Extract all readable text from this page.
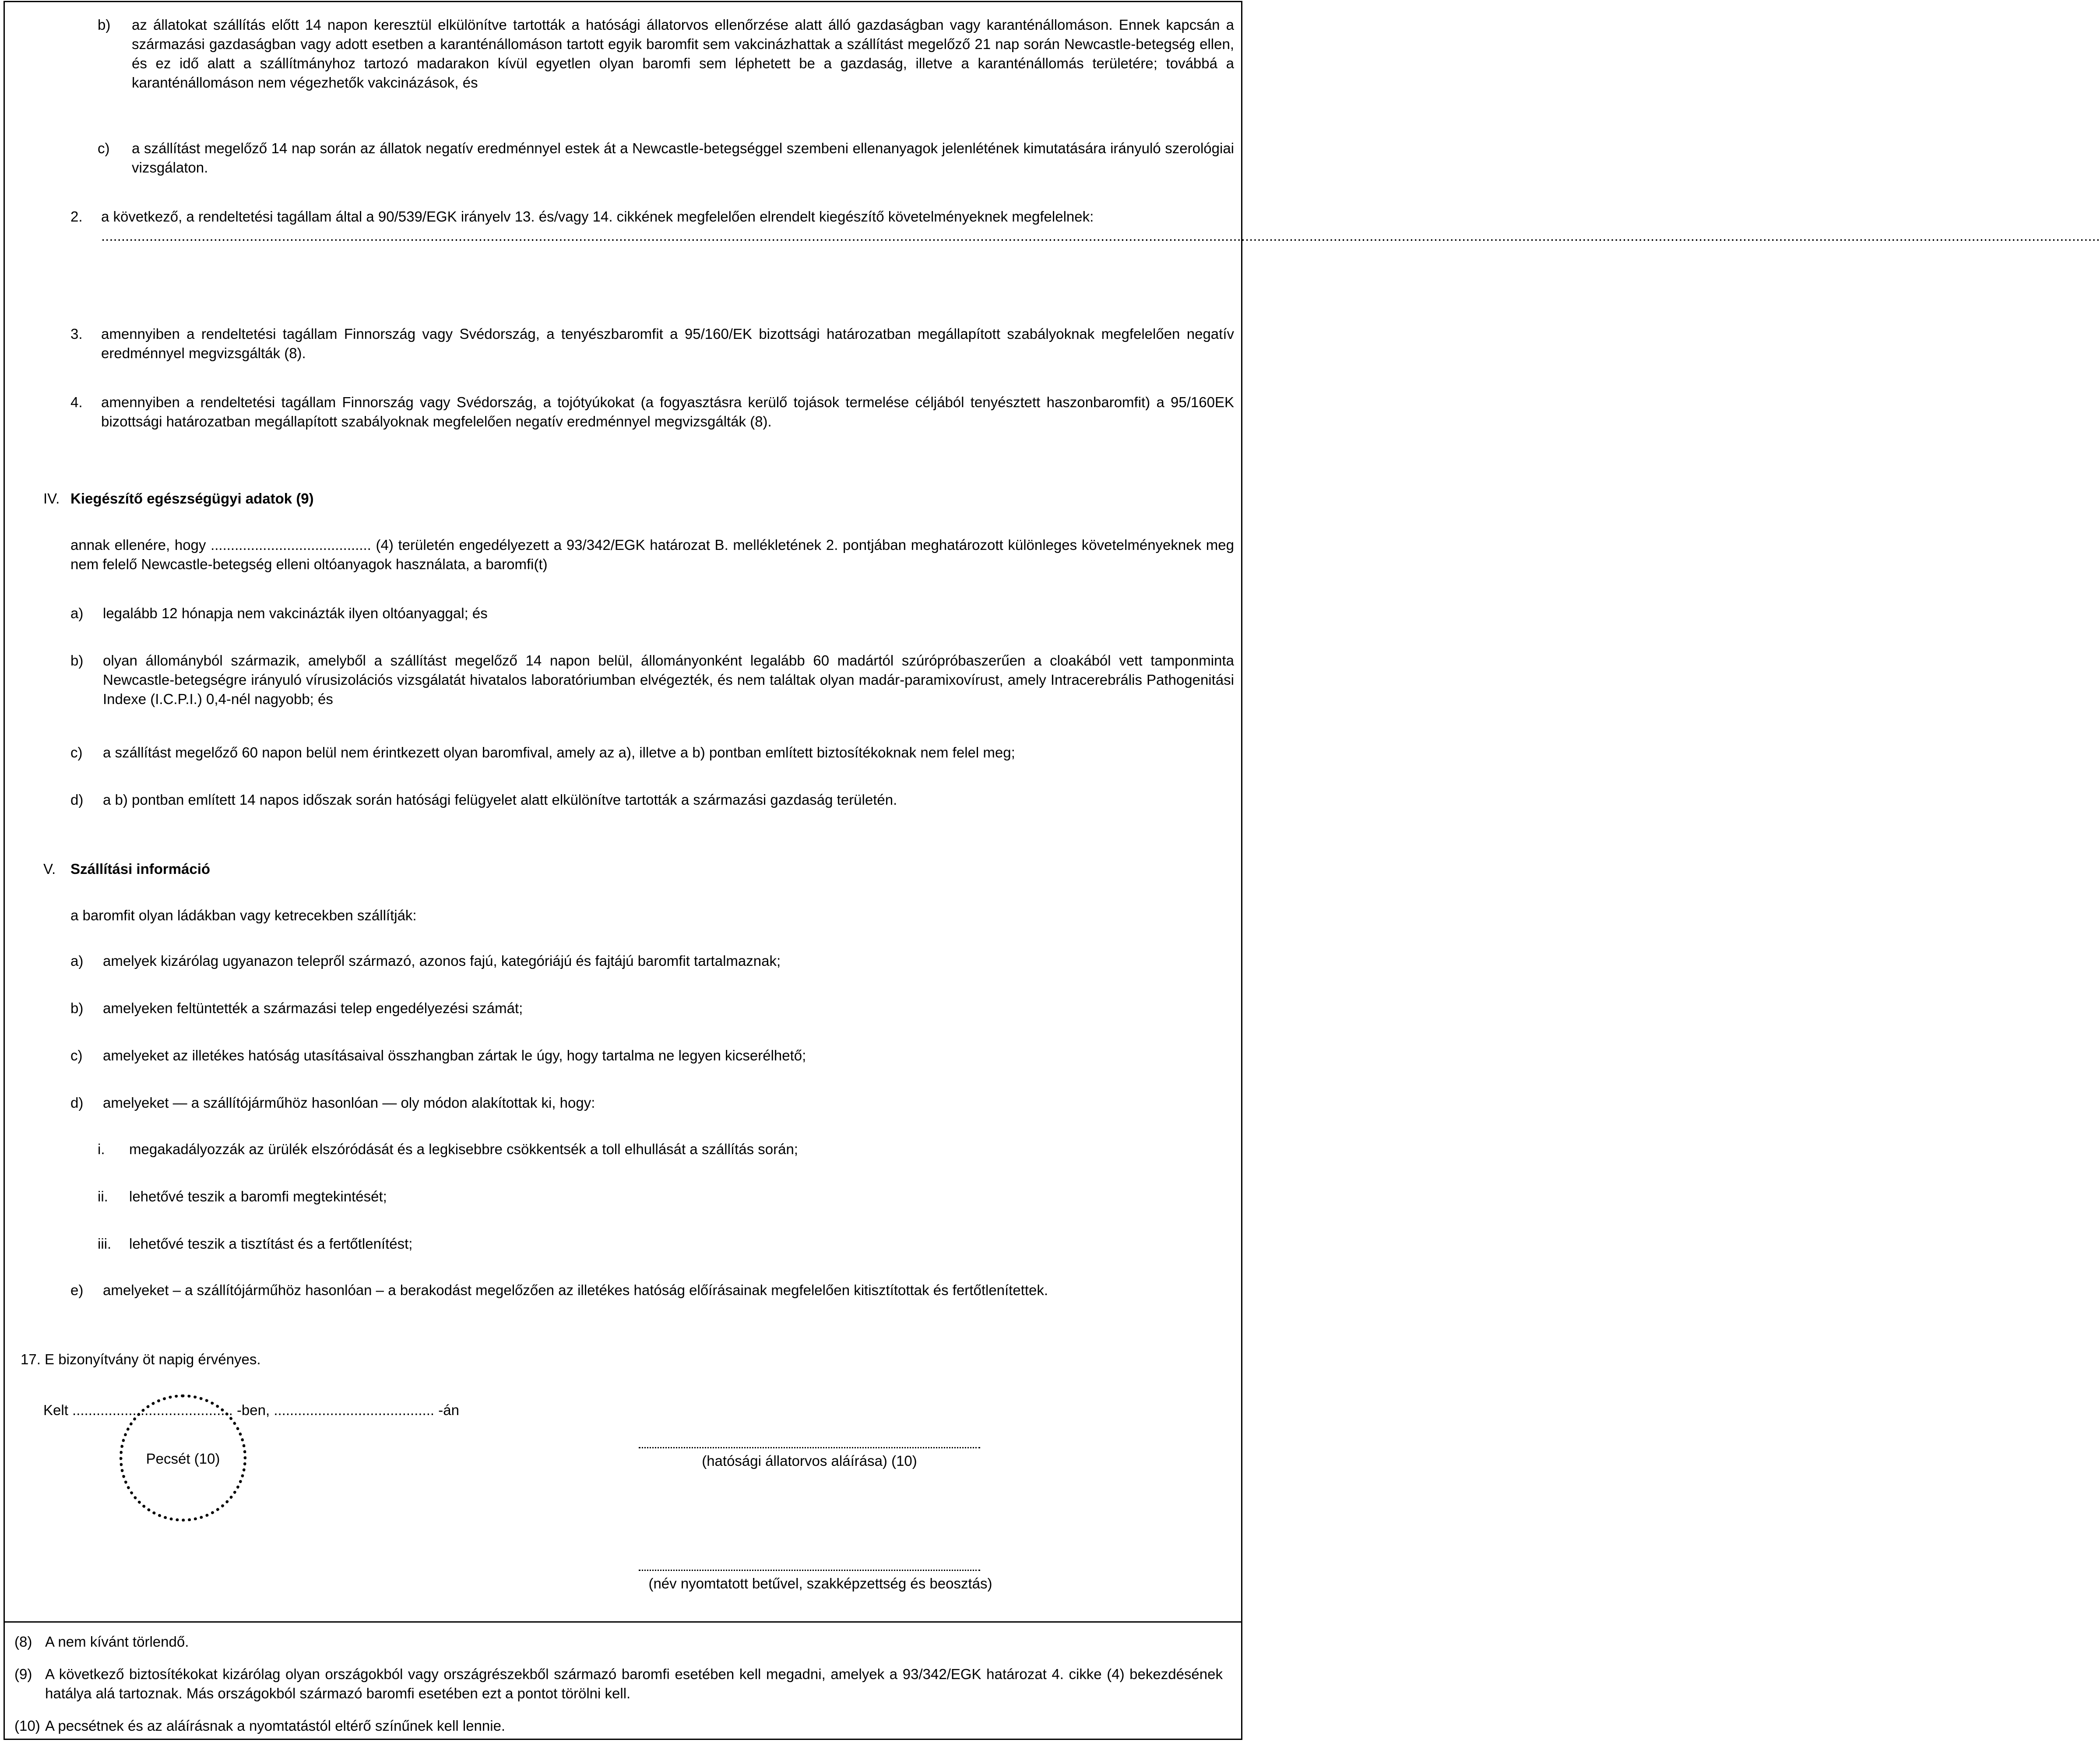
b) az állatokat szállítás előtt 14 napon keresztül elkülönítve tartották a hatósági állatorvos ellenőrzése alatt álló gazdaságban vagy karanténállomáson. Ennek kapcsán a származási gazdaságban vagy adott esetben a karanténállomáson tartott egyik baromfit sem vakcinázhattak a szállítást megelőző 21 nap során Newcastle-betegség ellen, és ez idő alatt a szállítmányhoz tartozó madarakon kívül egyetlen olyan baromfi sem léphetett be a gazdaság, illetve a karanténállomás területére; továbbá a karanténállomáson nem végezhetők vakcinázások, és

c) a szállítást megelőző 14 nap során az állatok negatív eredménnyel estek át a Newcastle-betegséggel szembeni ellenanyagok jelenlétének kimutatására irányuló szerológiai vizsgálaton.

2. a következő, a rendeltetési tagállam által a 90/539/EGK irányelv 13. és/vagy 14. cikkének megfelelően elrendelt kiegészítő követelményeknek megfelelnek: ..................................................................................................................................................................................................................................................................................................................................................................................................................................................................................................................

3. amennyiben a rendeltetési tagállam Finnország vagy Svédország, a tenyészbaromfit a 95/160/EK bizottsági határozatban megállapított szabályoknak megfelelően negatív eredménnyel megvizsgálták (8).

4. amennyiben a rendeltetési tagállam Finnország vagy Svédország, a tojótyúkokat (a fogyasztásra kerülő tojások termelése céljából tenyésztett haszonbaromfit) a 95/160EK bizottsági határozatban megállapított szabályoknak megfelelően negatív eredménnyel megvizsgálták (8).

IV. Kiegészítő egészségügyi adatok (9)

annak ellenére, hogy ........................................ (4) területén engedélyezett a 93/342/EGK határozat B. mellékletének 2. pontjában meghatározott különleges követelményeknek meg nem felelő Newcastle-betegség elleni oltóanyagok használata, a baromfi(t)

a) legalább 12 hónapja nem vakcinázták ilyen oltóanyaggal; és

b) olyan állományból származik, amelyből a szállítást megelőző 14 napon belül, állományonként legalább 60 madártól szúrópróbaszerűen a cloakából vett tamponminta Newcastle-betegségre irányuló vírusizolációs vizsgálatát hivatalos laboratóriumban elvégezték, és nem találtak olyan madár-paramixovírust, amely Intracerebrális Pathogenitási Indexe (I.C.P.I.) 0,4-nél nagyobb; és

c) a szállítást megelőző 60 napon belül nem érintkezett olyan baromfival, amely az a), illetve a b) pontban említett biztosítékoknak nem felel meg;

d) a b) pontban említett 14 napos időszak során hatósági felügyelet alatt elkülönítve tartották a származási gazdaság területén.

V. Szállítási információ

a baromfit olyan ládákban vagy ketrecekben szállítják:

a) amelyek kizárólag ugyanazon telepről származó, azonos fajú, kategóriájú és fajtájú baromfit tartalmaznak;

b) amelyeken feltüntették a származási telep engedélyezési számát;

c) amelyeket az illetékes hatóság utasításaival összhangban zártak le úgy, hogy tartalma ne legyen kicserélhető;

d) amelyeket — a szállítójárműhöz hasonlóan — oly módon alakítottak ki, hogy:

i. megakadályozzák az ürülék elszóródását és a legkisebbre csökkentsék a toll elhullását a szállítás során;

ii. lehetővé teszik a baromfi megtekintését;

iii. lehetővé teszik a tisztítást és a fertőtlenítést;

e) amelyeket – a szállítójárműhöz hasonlóan – a berakodást megelőzően az illetékes hatóság előírásainak megfelelően kitisztítottak és fertőtlenítettek.

17. E bizonyítvány öt napig érvényes.

Kelt ........................................ -ben, ........................................ -án

Pecsét (10)	(hatósági állatorvos aláírása) (10)
(név nyomtatott betűvel, szakképzettség és beosztás)
(8) A nem kívánt törlendő.

(9) A következő biztosítékokat kizárólag olyan országokból vagy országrészekből származó baromfi esetében kell megadni, amelyek a 93/342/EGK határozat 4. cikke (4) bekezdésének hatálya alá tartoznak. Más országokból származó baromfi esetében ezt a pontot törölni kell.

(10) A pecsétnek és az aláírásnak a nyomtatástól eltérő színűnek kell lennie.
